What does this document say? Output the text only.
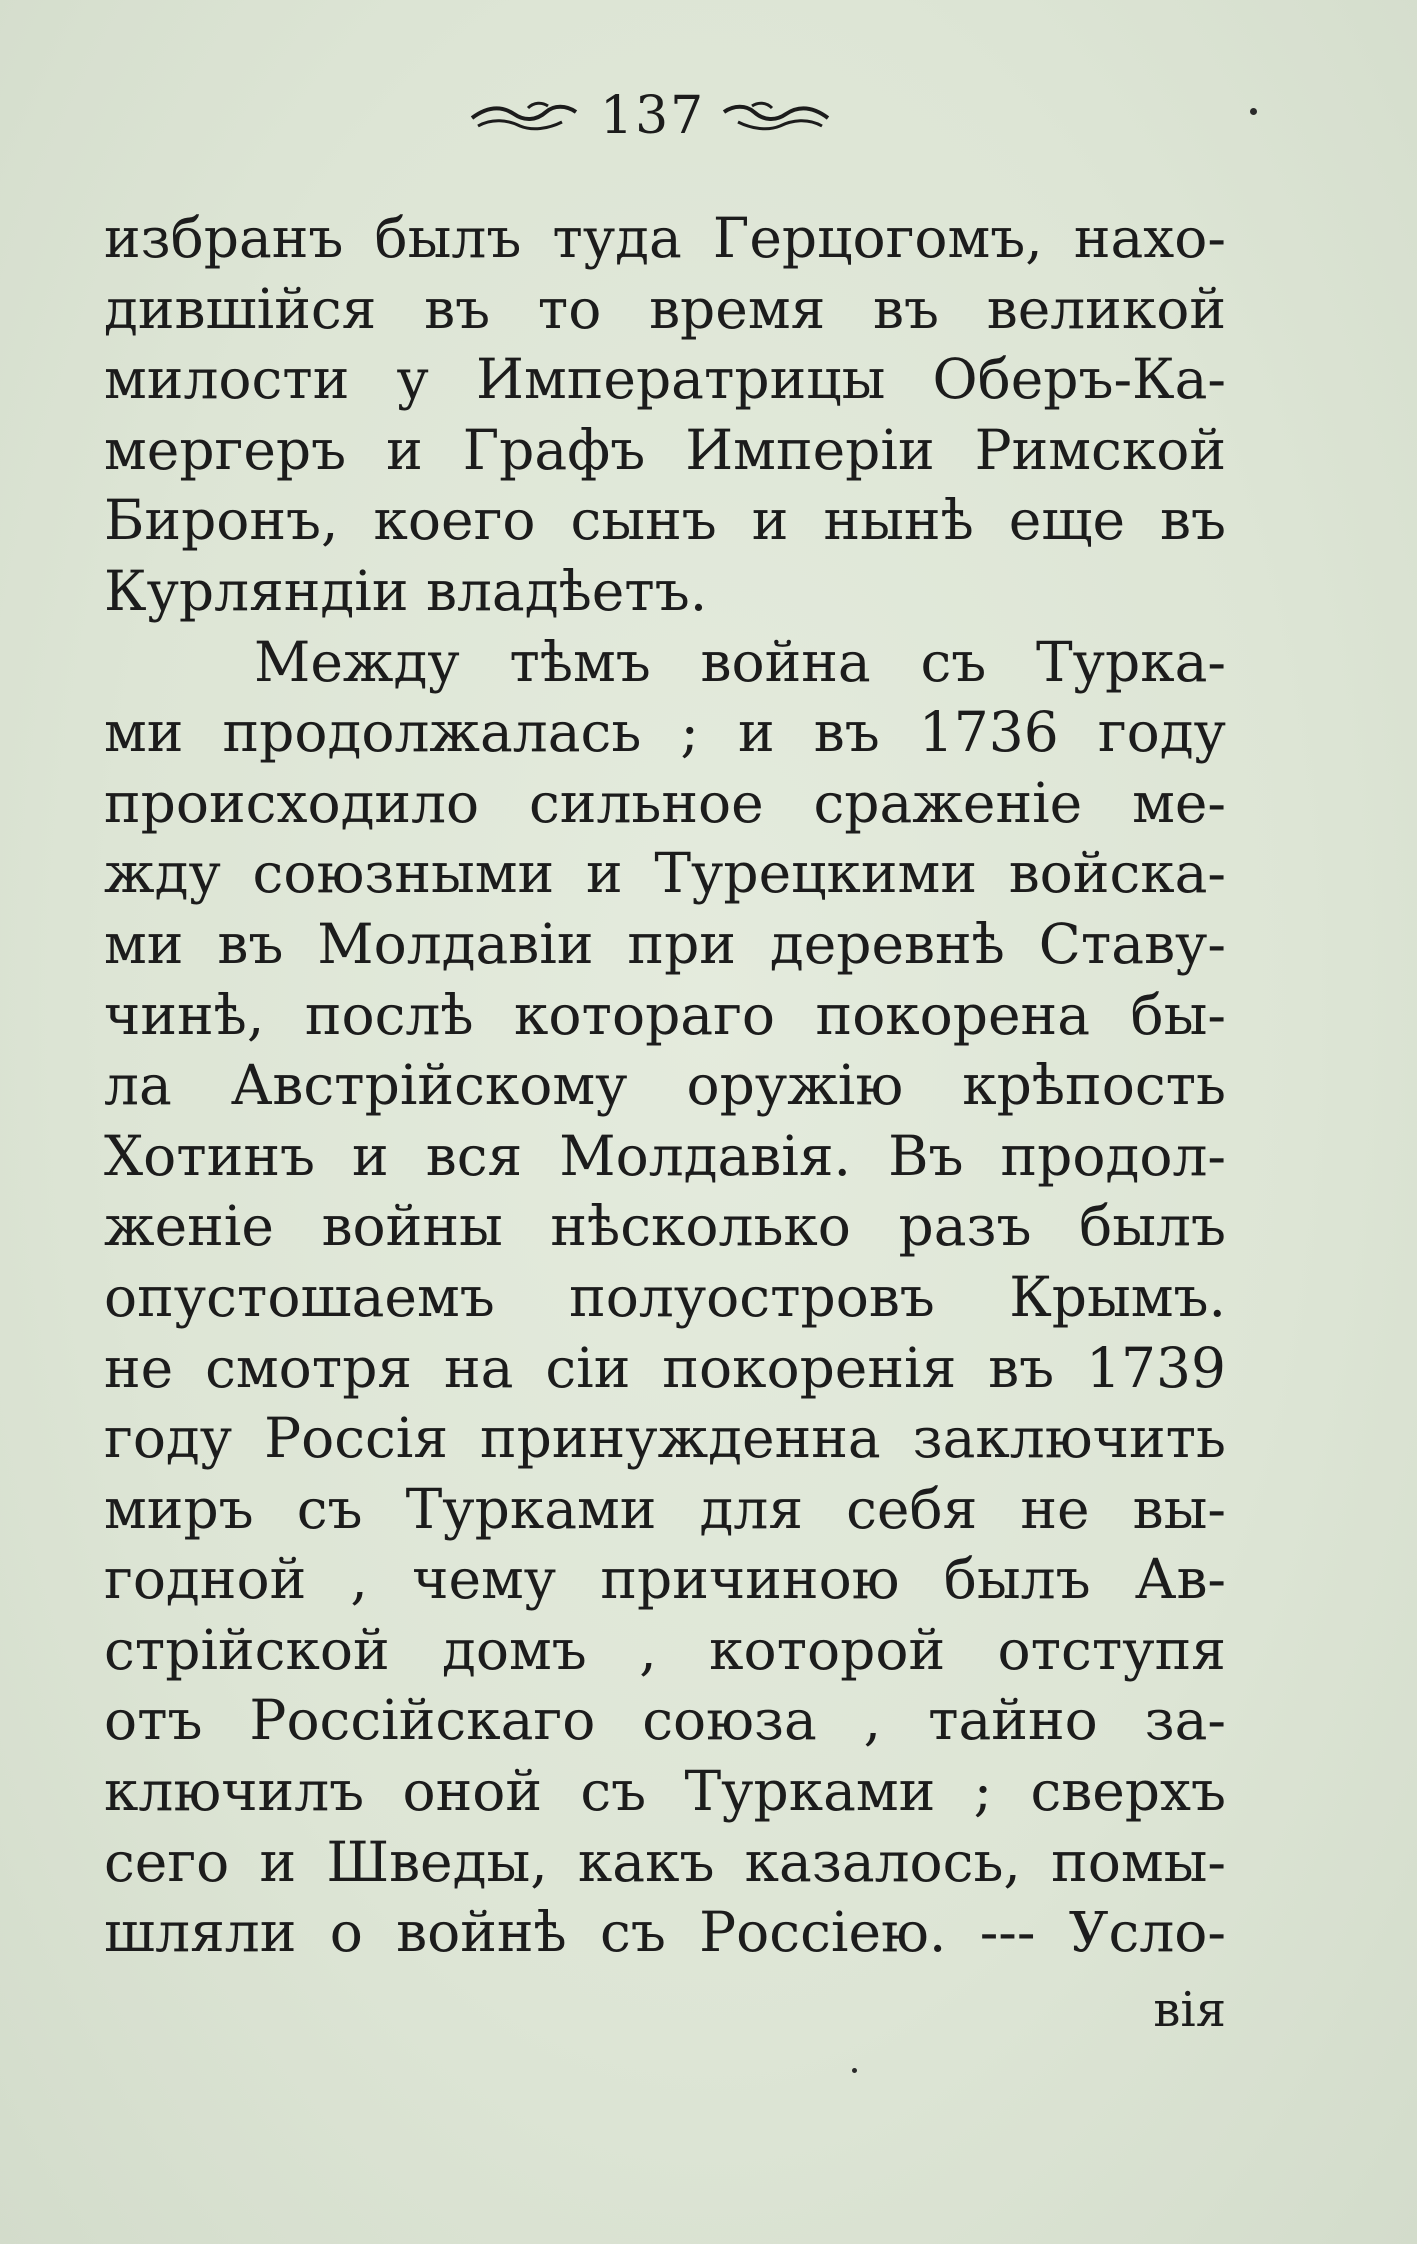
137
избранъ былъ туда Герцогомъ, нахо-
дившійся въ то время въ великой
милости у Императрицы Оберъ-Ка-
мергеръ и Графъ Имперіи Римской
Биронъ, коего сынъ и нынѣ еще въ
Курляндіи владѣетъ.
Между тѣмъ война съ Турка-
ми продолжалась ; и въ 1736 году
происходило сильное сраженіе ме-
жду союзными и Турецкими войска-
ми въ Молдавіи при деревнѣ Ставу-
чинѣ, послѣ котораго покорена бы-
ла Австрійскому оружію крѣпость
Хотинъ и вся Молдавія. Въ продол-
женіе войны нѣсколько разъ былъ
опустошаемъ полуостровъ Крымъ.
не смотря на сіи покоренія въ 1739
году Россія принужденна заключить
миръ съ Турками для себя не вы-
годной , чему причиною былъ Ав-
стрійской домъ , которой отступя
отъ Россійскаго союза , тайно за-
ключилъ оной съ Турками ; сверхъ
сего и Шведы, какъ казалось, помы-
шляли о войнѣ съ Россіею. --- Усло-
вія
